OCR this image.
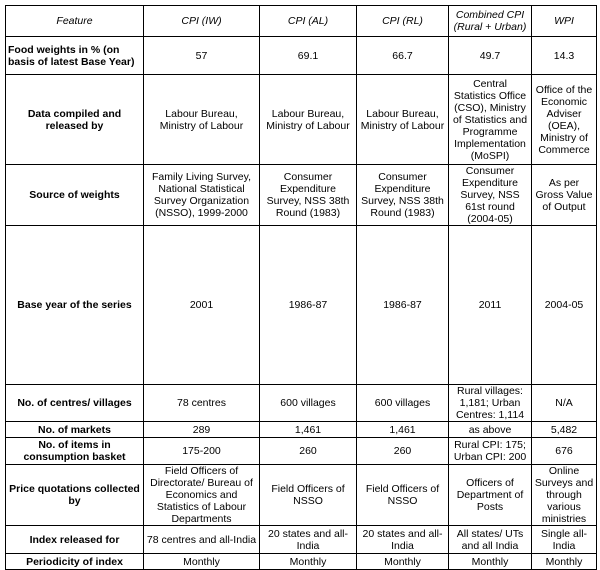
Feature	CPI (IW)	CPI (AL)	CPI (RL)	Combined CPI (Rural + Urban)	WPI
Food weights in % (on basis of latest Base Year)	57	69.1	66.7	49.7	14.3
Data compiled and released by	Labour Bureau, Ministry of Labour	Labour Bureau, Ministry of Labour	Labour Bureau, Ministry of Labour	Central Statistics Office (CSO), Ministry of Statistics and Programme Implementation (MoSPI)	Office of the Economic Adviser (OEA), Ministry of Commerce
Source of weights	Family Living Survey, National Statistical Survey Organization (NSSO), 1999-2000	Consumer Expenditure Survey, NSS 38th Round (1983)	Consumer Expenditure Survey, NSS 38th Round (1983)	Consumer Expenditure Survey, NSS 61st round (2004-05)	As per Gross Value of Output
Base year of the series	2001	1986-87	1986-87	2011	2004-05
No. of centres/ villages	78 centres	600 villages	600 villages	Rural villages: 1,181; Urban Centres: 1,114	N/A
No. of markets	289	1,461	1,461	as above	5,482
No. of items in consumption basket	175-200	260	260	Rural CPI: 175; Urban CPI: 200	676
Price quotations collected by	Field Officers of Directorate/ Bureau of Economics and Statistics of Labour Departments	Field Officers of NSSO	Field Officers of NSSO	Officers of Department of Posts	Online Surveys and through various ministries
Index released for	78 centres and all-India	20 states and all-India	20 states and all-India	All states/ UTs and all India	Single all-India
Periodicity of index	Monthly	Monthly	Monthly	Monthly	Monthly
